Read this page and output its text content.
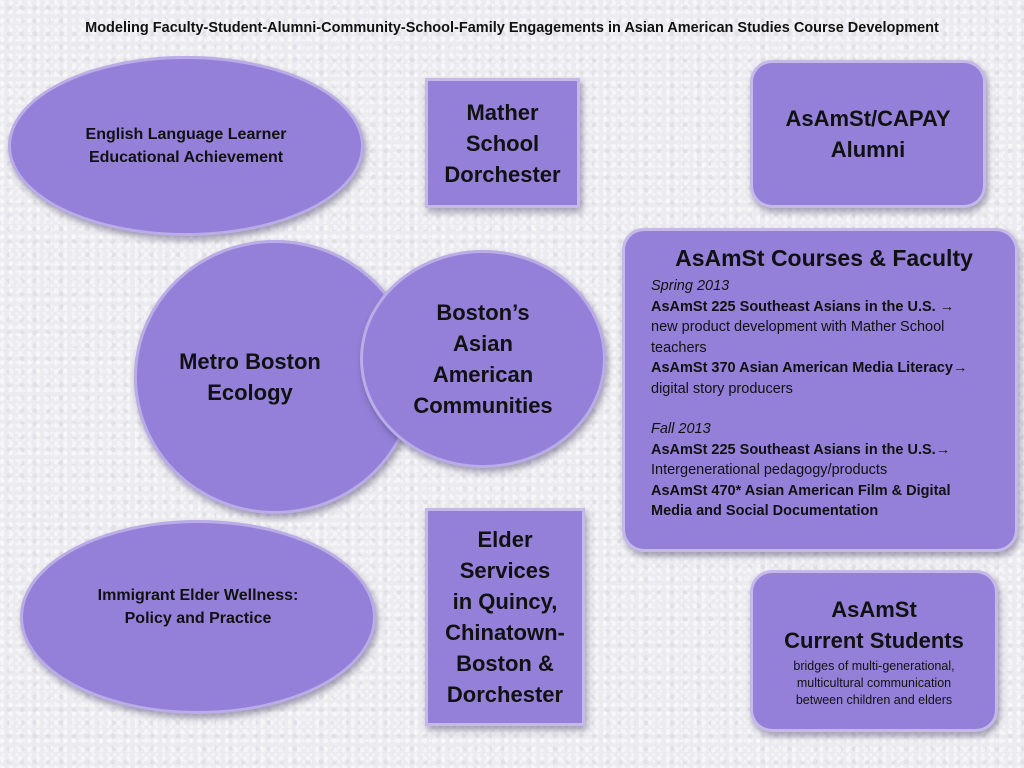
Modeling Faculty-Student-Alumni-Community-School-Family Engagements in Asian American Studies Course Development
English Language Learner
Educational Achievement
Mather
School
Dorchester
AsAmSt/CAPAY
Alumni
Metro Boston
Ecology
Boston’s
Asian
American
Communities
AsAmSt Courses & Faculty
Spring 2013
AsAmSt 225 Southeast Asians in the U.S. →
new product development with Mather School
teachers
AsAmSt 370 Asian American Media Literacy→
digital story producers
Fall 2013
AsAmSt 225 Southeast Asians in the U.S.→
Intergenerational pedagogy/products
AsAmSt 470* Asian American Film & Digital
Media and Social Documentation
Immigrant Elder Wellness:
Policy and Practice
Elder
Services
in Quincy,
Chinatown-
Boston &
Dorchester
AsAmSt
Current Students
bridges of multi-generational,
multicultural communication
between children and elders
